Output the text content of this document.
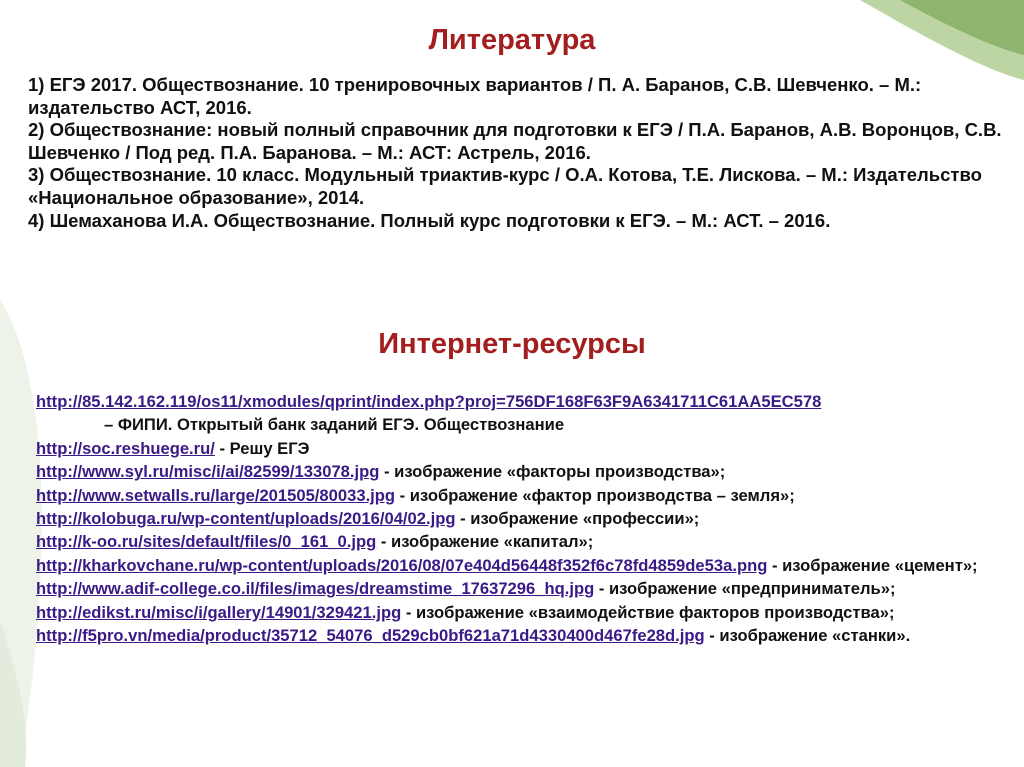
Литература

1) ЕГЭ 2017. Обществознание. 10 тренировочных вариантов / П. А. Баранов, С.В. Шевченко. – М.: издательство АСТ, 2016.

2) Обществознание: новый полный справочник для подготовки к ЕГЭ / П.А. Баранов, А.В. Воронцов, С.В. Шевченко / Под ред. П.А. Баранова. – М.: АСТ: Астрель, 2016.

3) Обществознание. 10 класс. Модульный триактив-курс / О.А. Котова, Т.Е. Лискова. – М.: Издательство «Национальное образование», 2014.

4) Шемаханова И.А. Обществознание. Полный курс подготовки к ЕГЭ. – М.: АСТ. – 2016.

Интернет-ресурсы

http://85.142.162.119/os11/xmodules/qprint/index.php?proj=756DF168F63F9A6341711C61AA5EC578
– ФИПИ. Открытый банк заданий ЕГЭ. Обществознание

http://soc.reshuege.ru/ - Решу ЕГЭ

http://www.syl.ru/misc/i/ai/82599/133078.jpg - изображение «факторы производства»;

http://www.setwalls.ru/large/201505/80033.jpg - изображение «фактор производства – земля»;

http://kolobuga.ru/wp-content/uploads/2016/04/02.jpg - изображение «профессии»;

http://k-oo.ru/sites/default/files/0_161_0.jpg - изображение «капитал»;

http://kharkovchane.ru/wp-content/uploads/2016/08/07e404d56448f352f6c78fd4859de53a.png - изображение «цемент»;

http://www.adif-college.co.il/files/images/dreamstime_17637296_hq.jpg - изображение «предприниматель»;

http://edikst.ru/misc/i/gallery/14901/329421.jpg - изображение «взаимодействие факторов производства»;

http://f5pro.vn/media/product/35712_54076_d529cb0bf621a71d4330400d467fe28d.jpg - изображение «станки».
